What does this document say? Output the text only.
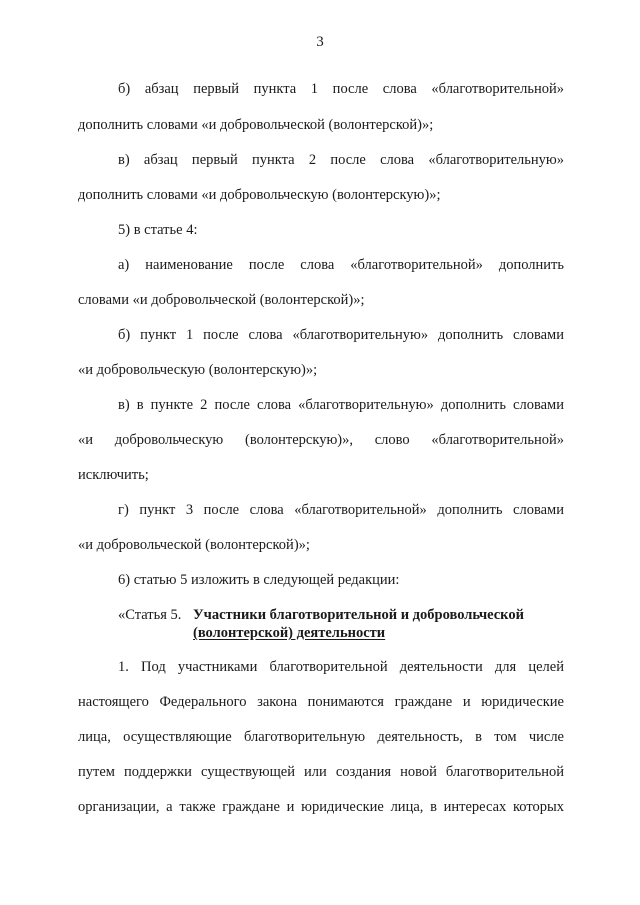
3
б) абзац первый пункта 1 после слова «благотворительной»
дополнить словами «и добровольческой (волонтерской)»;
в) абзац первый пункта 2 после слова «благотворительную»
дополнить словами «и добровольческую (волонтерскую)»;
5) в статье 4:
а) наименование после слова «благотворительной» дополнить
словами «и добровольческой (волонтерской)»;
б) пункт 1 после слова «благотворительную» дополнить словами
«и добровольческую (волонтерскую)»;
в) в пункте 2 после слова «благотворительную» дополнить словами
«и добровольческую (волонтерскую)», слово «благотворительной»
исключить;
г) пункт 3 после слова «благотворительной» дополнить словами
«и добровольческой (волонтерской)»;
6) статью 5 изложить в следующей редакции:
«Статья 5. Участники благотворительной и добровольческой
(волонтерской) деятельности
1. Под участниками благотворительной деятельности для целей
настоящего Федерального закона понимаются граждане и юридические
лица, осуществляющие благотворительную деятельность, в том числе
путем поддержки существующей или создания новой благотворительной
организации, а также граждане и юридические лица, в интересах которых
